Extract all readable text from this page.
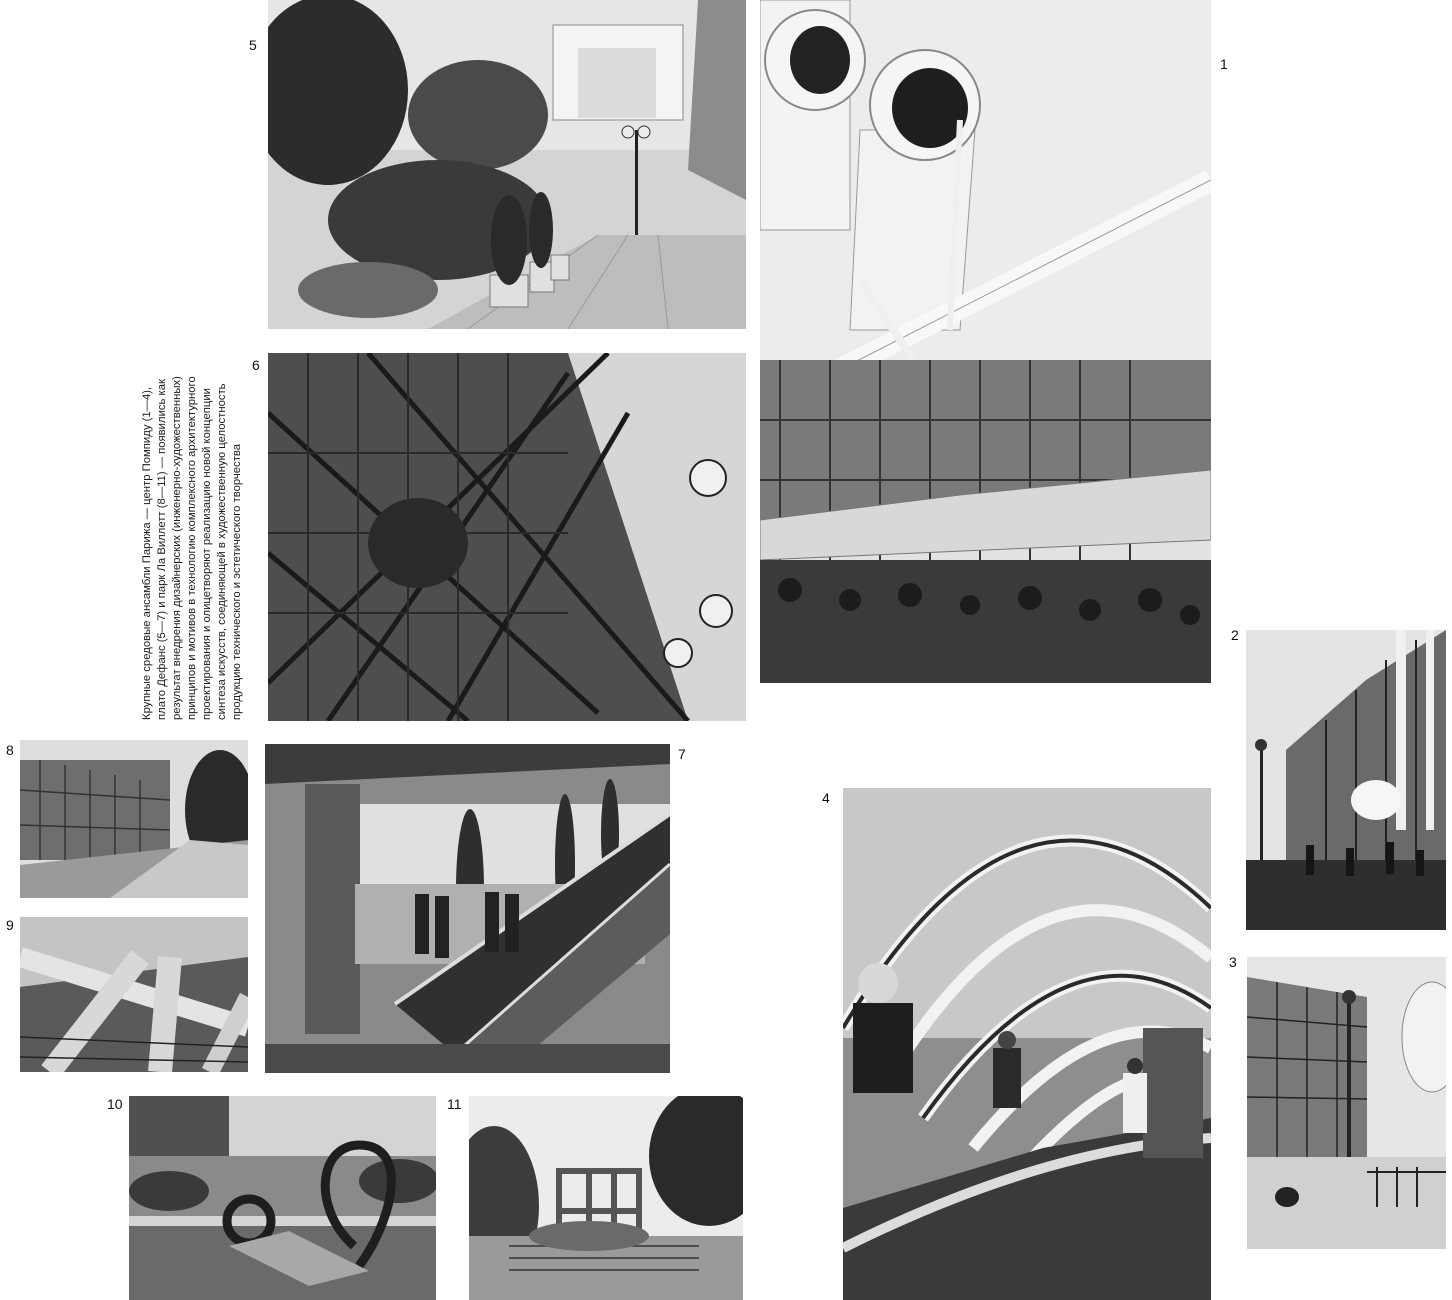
5
1
6
2
8	7
4
9
3
10	11
Крупные средовые ансамбли Парижа — центр Помпиду (1—4), плато Дефанс (5—7) и парк Ла Виллетт (8—11) — появились как результат внедрения дизайнерских (инженерно-художественных) принципов и мотивов в технологию комплексного архитектурного проектирования и олицетворяют реализацию новой концепции синтеза искусств, соединяющей в художественную целостность продукцию технического и эстетического творчества
